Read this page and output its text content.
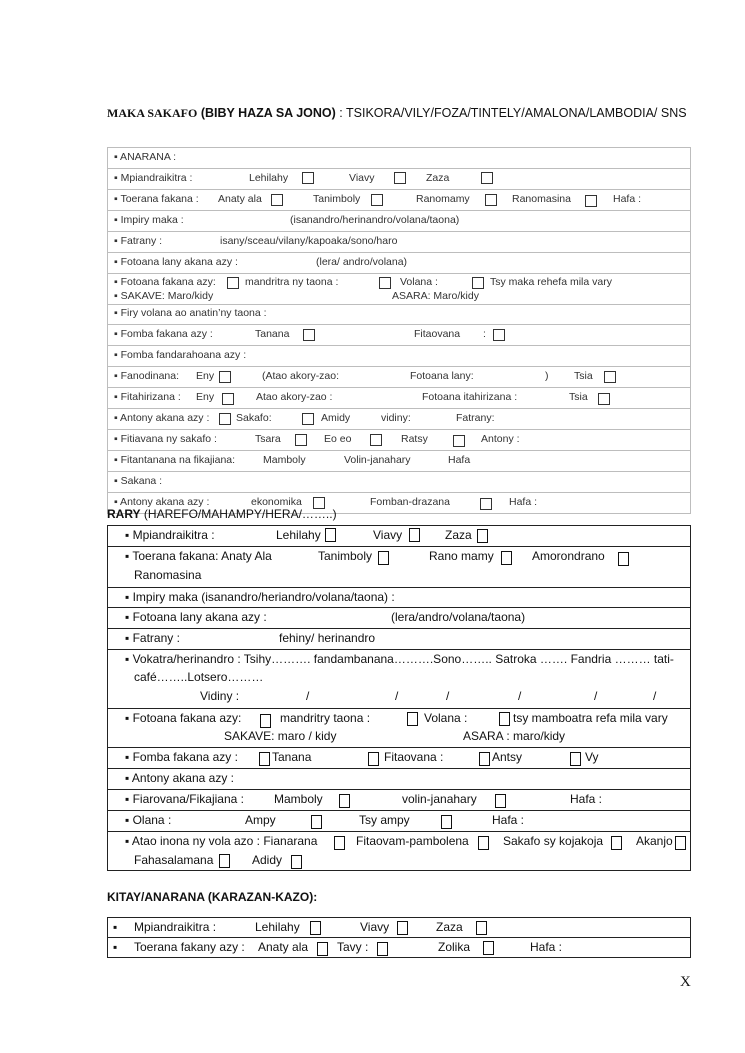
MAKA SAKAFO (BIBY HAZA SA JONO) : TSIKORA/VILY/FOZA/TINTELY/AMALONA/LAMBODIA/ SNS
▪ ANARANA :

▪ Mpiandraikitra :	Lehilahy	Viavy	Zaza

▪ Toerana fakana : Anaty ala	Tanimboly	Ranomamy	Ranomasina	Hafa :

▪ Impiry maka :	(isanandro/herinandro/volana/taona)

▪ Fatrany :	isany/sceau/vilany/kapoaka/sono/haro

▪ Fotoana lany akana azy :	(lera/ andro/volana)

▪ Fotoana fakana azy:	mandritra ny taona :	Volana :	Tsy maka rehefa mila vary
▪ SAKAVE: Maro/kidy	ASARA: Maro/kidy

▪ Firy volana ao anatin’ny taona :

▪ Fomba fakana azy :	Tanana	Fitaovana :

▪ Fomba fandarahoana azy :

▪ Fanodinana: Eny	(Atao akory-zao:	Fotoana lany:	) Tsia

▪ Fitahirizana : Eny	Atao akory-zao :	Fotoana itahirizana :	Tsia

▪ Antony akana azy :	Sakafo:	Amidy	vidiny:	Fatrany:

▪ Fitiavana ny sakafo :	Tsara	Eo eo	Ratsy	Antony :

▪ Fitantanana na fikajiana:	Mamboly	Volin-janahary	Hafa

▪ Sakana :

▪ Antony akana azy :	ekonomika	Fomban-drazana	Hafa :
RARY (HAREFO/MAHAMPY/HERA/……..)
▪ Mpiandraikitra :	Lehilahy	Viavy	Zaza

▪ Toerana fakana: Anaty Ala	Tanimboly	Rano mamy	Amorondrano
Ranomasina

▪ Impiry maka (isanandro/heriandro/volana/taona) :

▪ Fotoana lany akana azy :	(lera/andro/volana/taona)

▪ Fatrany :	fehiny/ herinandro

▪ Vokatra/herinandro : Tsihy………. fandambanana……….Sono…….. Satroka ……. Fandria ……… tati-
café……..Lotsero………
Vidiny :	/	/	/	/	/	/

▪ Fotoana fakana azy:	mandritry taona :	Volana :	tsy mamboatra refa mila vary
SAKAVE: maro / kidy	ASARA : maro/kidy

▪ Fomba fakana azy :	Tanana	Fitaovana :	Antsy	Vy

▪ Antony akana azy :

▪ Fiarovana/Fikajiana :	Mamboly	volin-janahary	Hafa :

▪ Olana :	Ampy	Tsy ampy	Hafa :

▪ Atao inona ny vola azo : Fianarana	Fitaovam-pambolena	Sakafo sy kojakoja	Akanjo
Fahasalamana	Adidy
KITAY/ANARANA (KARAZAN-KAZO):
▪ Mpiandraikitra :	Lehilahy	Viavy	Zaza

▪ Toerana fakany azy : Anaty ala Tavy :	Zolika	Hafa :
X
